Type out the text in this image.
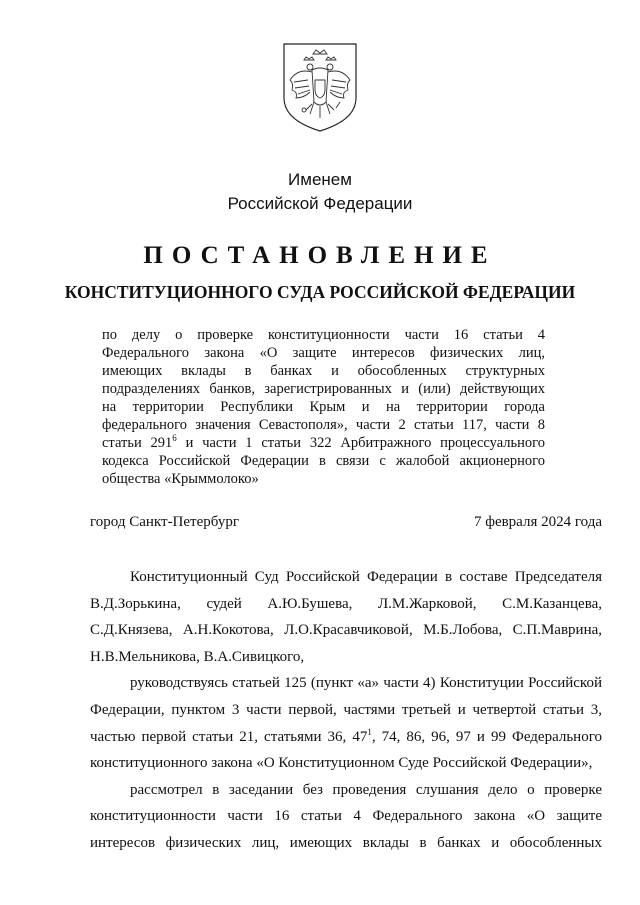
Именем
Российской Федерации
ПОСТАНОВЛЕНИЕ
КОНСТИТУЦИОННОГО СУДА РОССИЙСКОЙ ФЕДЕРАЦИИ
по делу о проверке конституционности части 16 статьи 4
Федерального закона «О защите интересов физических лиц,
имеющих вклады в банках и обособленных структурных
подразделениях банков, зарегистрированных и (или) действующих
на территории Республики Крым и на территории города
федерального значения Севастополя», части 2 статьи 117, части 8
статьи $291^6$ и части 1 статьи 322 Арбитражного процессуального
кодекса Российской Федерации в связи с жалобой акционерного
общества «Крыммолоко»
город Санкт-Петербург	7 февраля 2024 года
Конституционный Суд Российской Федерации в составе Председателя
В.Д.Зорькина, судей А.Ю.Бушева, Л.М.Жарковой, С.М.Казанцева,
С.Д.Князева, А.Н.Кокотова, Л.О.Красавчиковой, М.Б.Лобова, С.П.Маврина,
Н.В.Мельникова, В.А.Сивицкого,
руководствуясь статьей 125 (пункт «а» части 4) Конституции Российской
Федерации, пунктом 3 части первой, частями третьей и четвертой статьи 3,
частью первой статьи 21, статьями 36, $47^1$, 74, 86, 96, 97 и 99 Федерального
конституционного закона «О Конституционном Суде Российской Федерации»,
рассмотрел в заседании без проведения слушания дело о проверке
конституционности части 16 статьи 4 Федерального закона «О защите
интересов физических лиц, имеющих вклады в банках и обособленных
